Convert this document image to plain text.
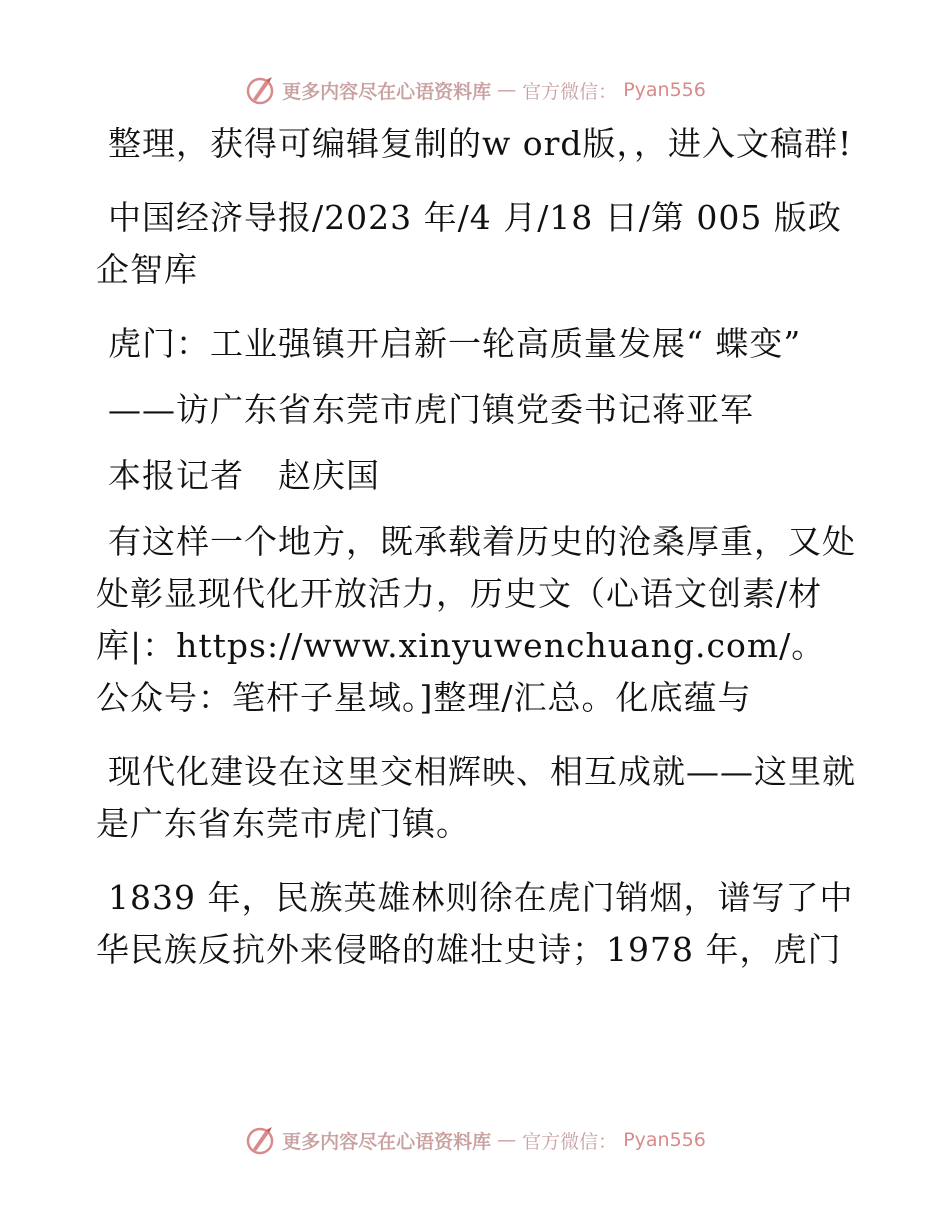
更多内容尽在心语资料库 — 官方微信： Pyan556

整理，获得可编辑复制的w ord版，，进入文稿群!

中国经济导报/2023 年/4 月/18 日/第 005 版政企智库

虎门：工业强镇开启新一轮高质量发展“ 蝶变”

——访广东省东莞市虎门镇党委书记蒋亚军

本报记者　赵庆国

有这样一个地方，既承载着历史的沧桑厚重，又处处彰显现代化开放活力，历史文（心语文创素/材库|：https://www.xinyuwenchuang.com/。公众号：笔杆子星域。]整理/汇总。化底蕴与

现代化建设在这里交相辉映、相互成就——这里就是广东省东莞市虎门镇。

1839 年，民族英雄林则徐在虎门销烟，谱写了中华民族反抗外来侵略的雄壮史诗；1978 年，虎门

更多内容尽在心语资料库 — 官方微信： Pyan556
